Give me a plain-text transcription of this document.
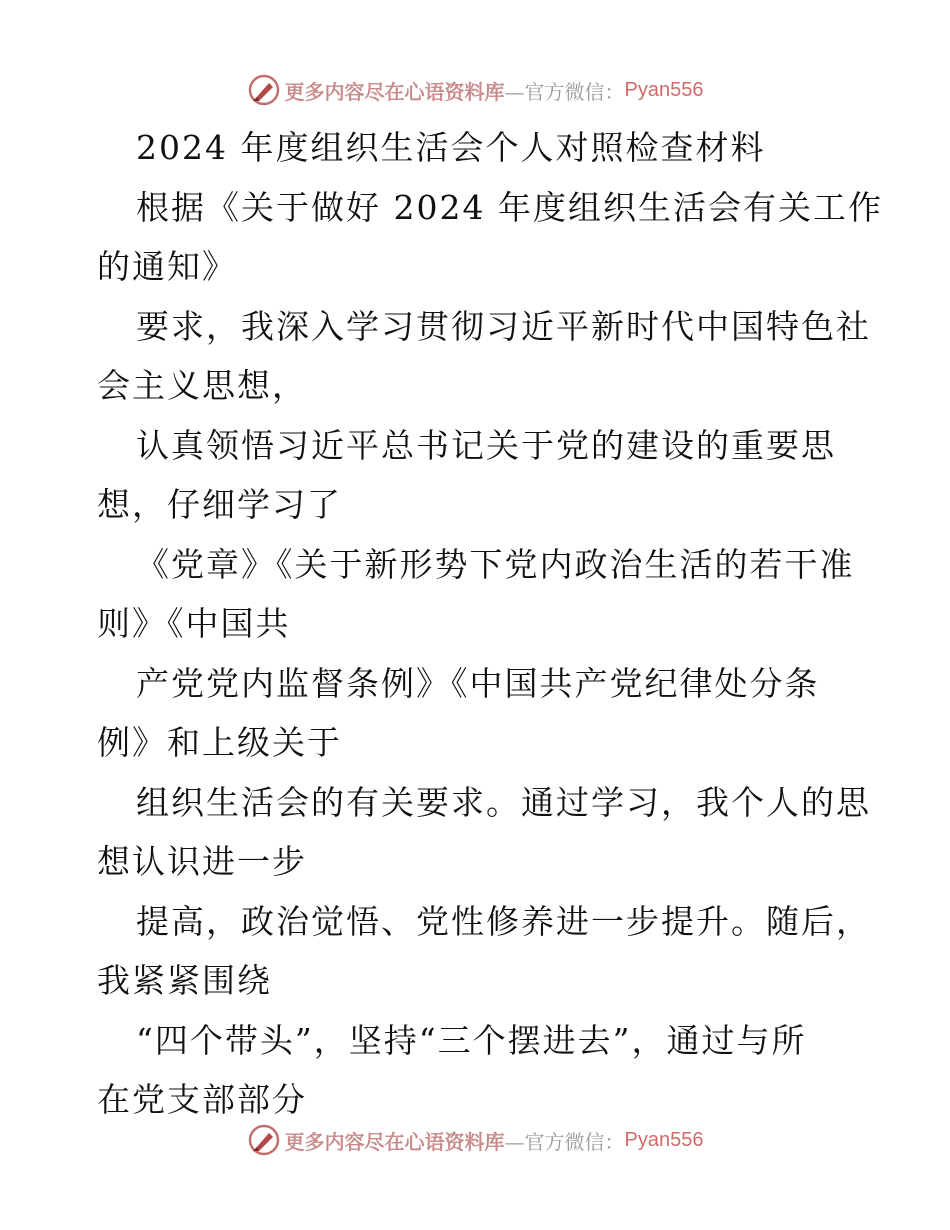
更多内容尽在心语资料库 —官方微信： Pyan556
2024 年度组织生活会个人对照检查材料
根据《关于做好 2024 年度组织生活会有关工作
的通知》
要求，我深入学习贯彻习近平新时代中国特色社
会主义思想，
认真领悟习近平总书记关于党的建设的重要思
想，仔细学习了
《党章》《关于新形势下党内政治生活的若干准
则》《中国共
产党党内监督条例》《中国共产党纪律处分条
例》和上级关于
组织生活会的有关要求。通过学习，我个人的思
想认识进一步
提高，政治觉悟、党性修养进一步提升。随后，
我紧紧围绕
“四个带头”，坚持“三个摆进去”，通过与所
在党支部部分
更多内容尽在心语资料库 —官方微信： Pyan556
